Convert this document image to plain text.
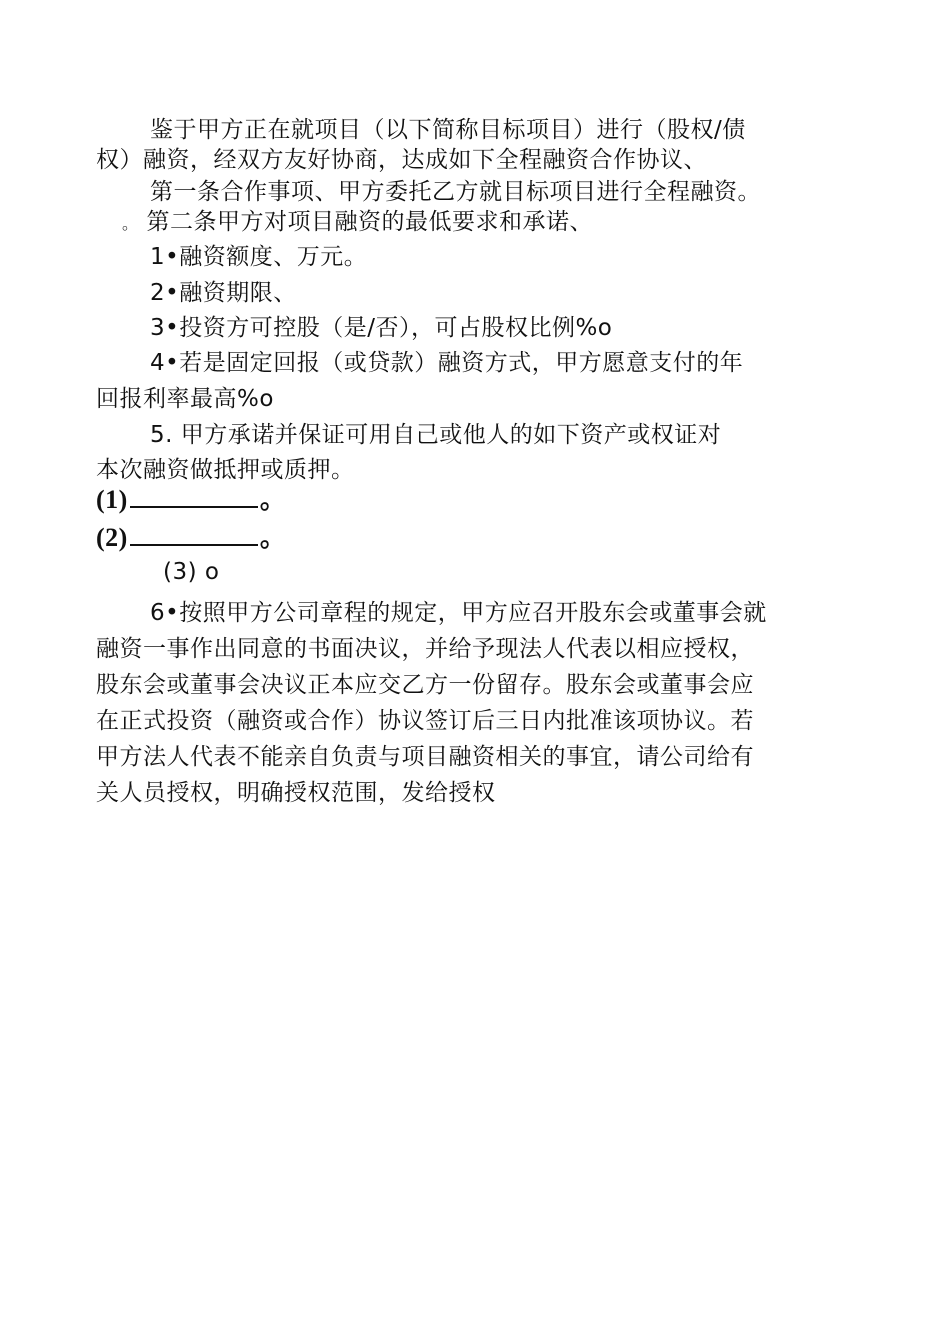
鉴于甲方正在就项目（以下简称目标项目）进行（股权/债
权）融资，经双方友好协商，达成如下全程融资合作协议、
第一条合作事项、甲方委托乙方就目标项目进行全程融资。
。 第二条甲方对项目融资的最低要求和承诺、
1•融资额度、万元。
2•融资期限、
3•投资方可控股（是/否），可占股权比例%o
4•若是固定回报（或贷款）融资方式，甲方愿意支付的年
回报利率最高%o
5. 甲方承诺并保证可用自己或他人的如下资产或权证对
本次融资做抵押或质押。
(1)	。
(2)	。
(3) o
6•按照甲方公司章程的规定，甲方应召开股东会或董事会就
融资一事作出同意的书面决议，并给予现法人代表以相应授权，
股东会或董事会决议正本应交乙方一份留存。股东会或董事会应
在正式投资（融资或合作）协议签订后三日内批准该项协议。若
甲方法人代表不能亲自负责与项目融资相关的事宜，请公司给有
关人员授权，明确授权范围，发给授权
